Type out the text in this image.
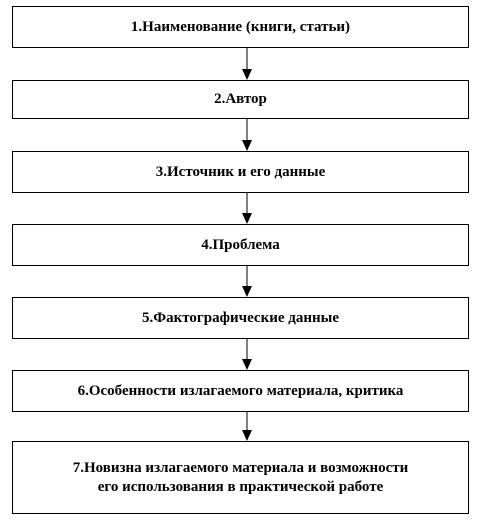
1.Наименование (книги, статьи)
2.Автор
3.Источник и его данные
4.Проблема
5.Фактографические данные
6.Особенности излагаемого материала, критика
7.Новизна излагаемого материала и возможности
его использования в практической работе
